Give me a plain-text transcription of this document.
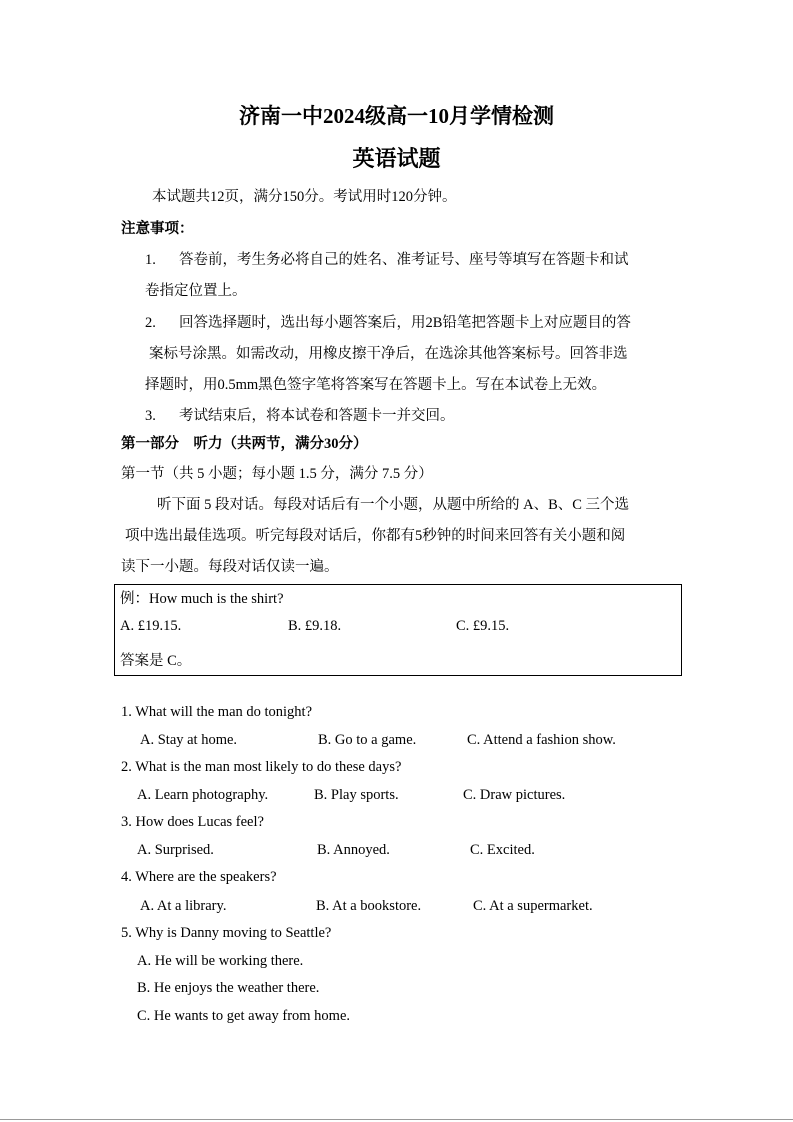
济南一中2024级高一10月学情检测
英语试题
本试题共12页，满分150分。考试用时120分钟。
注意事项：
1. 答卷前，考生务必将自己的姓名、准考证号、座号等填写在答题卡和试
卷指定位置上。
2. 回答选择题时，选出每小题答案后，用2B铅笔把答题卡上对应题目的答
案标号涂黑。如需改动，用橡皮擦干净后，在选涂其他答案标号。回答非选
择题时，用0.5mm黑色签字笔将答案写在答题卡上。写在本试卷上无效。
3. 考试结束后，将本试卷和答题卡一并交回。
第一部分　听力（共两节，满分30分）
第一节（共 5 小题；每小题 1.5 分，满分 7.5 分）
听下面 5 段对话。每段对话后有一个小题，从题中所给的 A、B、C 三个选
项中选出最佳选项。听完每段对话后，你都有5秒钟的时间来回答有关小题和阅
读下一小题。每段对话仅读一遍。
例：How much is the shirt?
A. £19.15.	B. £9.18.	C. £9.15.
答案是 C。
1. What will the man do tonight?
A. Stay at home.	B. Go to a game.	C. Attend a fashion show.
2. What is the man most likely to do these days?
A. Learn photography.	B. Play sports.	C. Draw pictures.
3. How does Lucas feel?
A. Surprised.	B. Annoyed.	C. Excited.
4. Where are the speakers?
A. At a library.	B. At a bookstore.	C. At a supermarket.
5. Why is Danny moving to Seattle?
A. He will be working there.
B. He enjoys the weather there.
C. He wants to get away from home.
